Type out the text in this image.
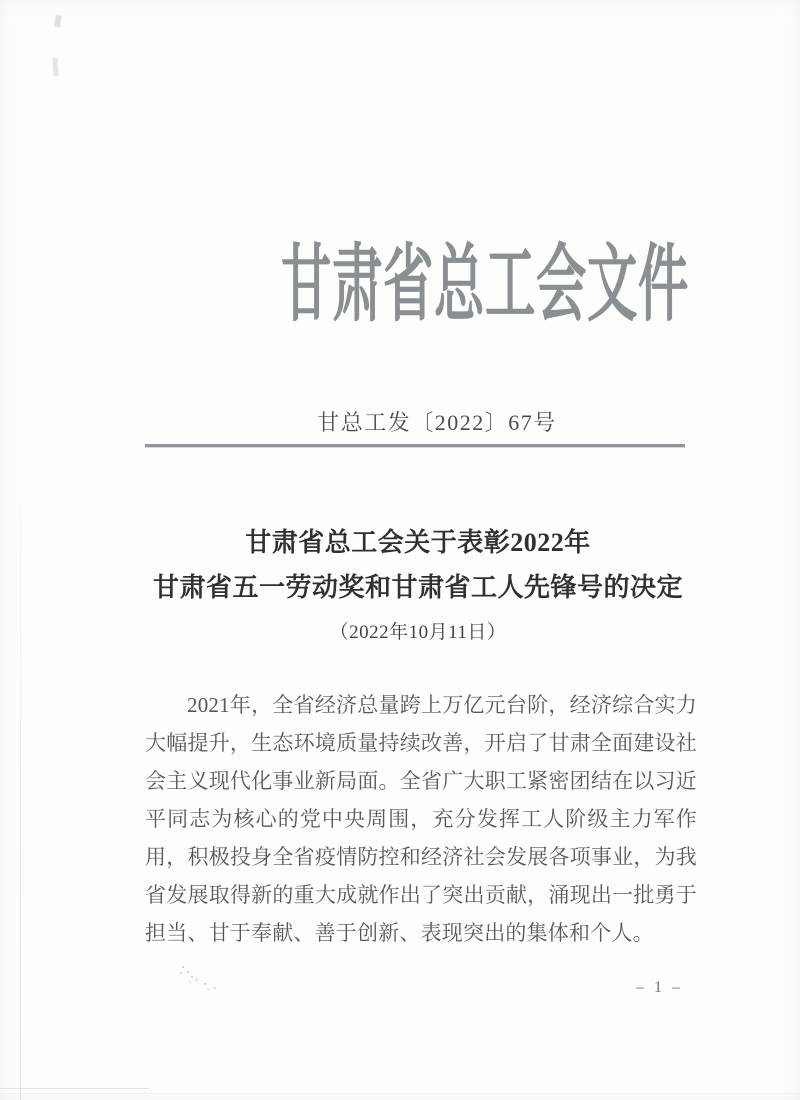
甘肃省总工会文件
甘总工发〔2022〕67号
甘肃省总工会关于表彰2022年
甘肃省五一劳动奖和甘肃省工人先锋号的决定
（2022年10月11日）
2021年，全省经济总量跨上万亿元台阶，经济综合实力大幅提升，生态环境质量持续改善，开启了甘肃全面建设社会主义现代化事业新局面。全省广大职工紧密团结在以习近平同志为核心的党中央周围，充分发挥工人阶级主力军作用，积极投身全省疫情防控和经济社会发展各项事业，为我省发展取得新的重大成就作出了突出贡献，涌现出一批勇于担当、甘于奉献、善于创新、表现突出的集体和个人。
– 1 –
